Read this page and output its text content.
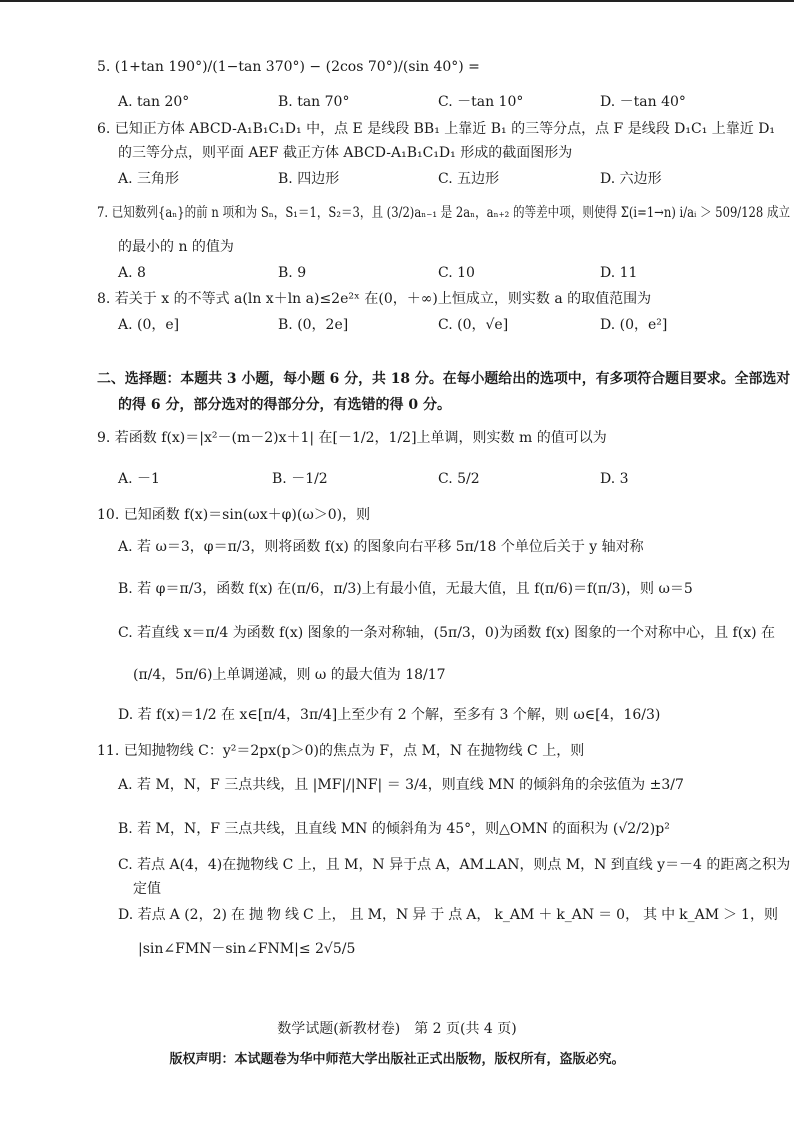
5. (1+tan 190°)/(1−tan 370°) − (2cos 70°)/(sin 40°) =
A. tan 20°	B. tan 70°	C. －tan 10°	D. －tan 40°
6. 已知正方体 ABCD-A₁B₁C₁D₁ 中，点 E 是线段 BB₁ 上靠近 B₁ 的三等分点，点 F 是线段 D₁C₁ 上靠近 D₁
的三等分点，则平面 AEF 截正方体 ABCD-A₁B₁C₁D₁ 形成的截面图形为
A. 三角形	B. 四边形	C. 五边形	D. 六边形
7. 已知数列{aₙ}的前 n 项和为 Sₙ，S₁＝1，S₂＝3，且 (3/2)aₙ₋₁ 是 2aₙ，aₙ₊₂ 的等差中项，则使得 Σ(i=1→n) i/aᵢ ＞ 509/128 成立
的最小的 n 的值为
A. 8	B. 9	C. 10	D. 11
8. 若关于 x 的不等式 a(ln x＋ln a)≤2e²ˣ 在(0，＋∞)上恒成立，则实数 a 的取值范围为
A. (0，e]	B. (0，2e]	C. (0，√e]	D. (0，e²]
二、选择题：本题共 3 小题，每小题 6 分，共 18 分。在每小题给出的选项中，有多项符合题目要求。全部选对
的得 6 分，部分选对的得部分分，有选错的得 0 分。
9. 若函数 f(x)＝|x²－(m－2)x＋1| 在[－1/2，1/2]上单调，则实数 m 的值可以为
A. －1	B. －1/2	C. 5/2	D. 3
10. 已知函数 f(x)＝sin(ωx＋φ)(ω＞0)，则
A. 若 ω＝3，φ＝π/3，则将函数 f(x) 的图象向右平移 5π/18 个单位后关于 y 轴对称
B. 若 φ＝π/3，函数 f(x) 在(π/6，π/3)上有最小值，无最大值，且 f(π/6)＝f(π/3)，则 ω＝5
C. 若直线 x＝π/4 为函数 f(x) 图象的一条对称轴，(5π/3，0)为函数 f(x) 图象的一个对称中心，且 f(x) 在
(π/4，5π/6)上单调递减，则 ω 的最大值为 18/17
D. 若 f(x)＝1/2 在 x∈[π/4，3π/4]上至少有 2 个解，至多有 3 个解，则 ω∈[4，16/3)
11. 已知抛物线 C：y²＝2px(p＞0)的焦点为 F，点 M，N 在抛物线 C 上，则
A. 若 M，N，F 三点共线，且 |MF|/|NF| ＝ 3/4，则直线 MN 的倾斜角的余弦值为 ±3/7
B. 若 M，N，F 三点共线，且直线 MN 的倾斜角为 45°，则△OMN 的面积为 (√2/2)p²
C. 若点 A(4，4)在抛物线 C 上，且 M，N 异于点 A，AM⊥AN，则点 M，N 到直线 y＝－4 的距离之积为
定值
D. 若点 A (2，2) 在 抛 物 线 C 上， 且 M，N 异 于 点 A， k_AM ＋ k_AN ＝ 0， 其 中 k_AM ＞ 1，则
|sin∠FMN－sin∠FNM|≤ 2√5/5
数学试题(新教材卷)　第 2 页(共 4 页)
版权声明：本试题卷为华中师范大学出版社正式出版物，版权所有，盗版必究。
